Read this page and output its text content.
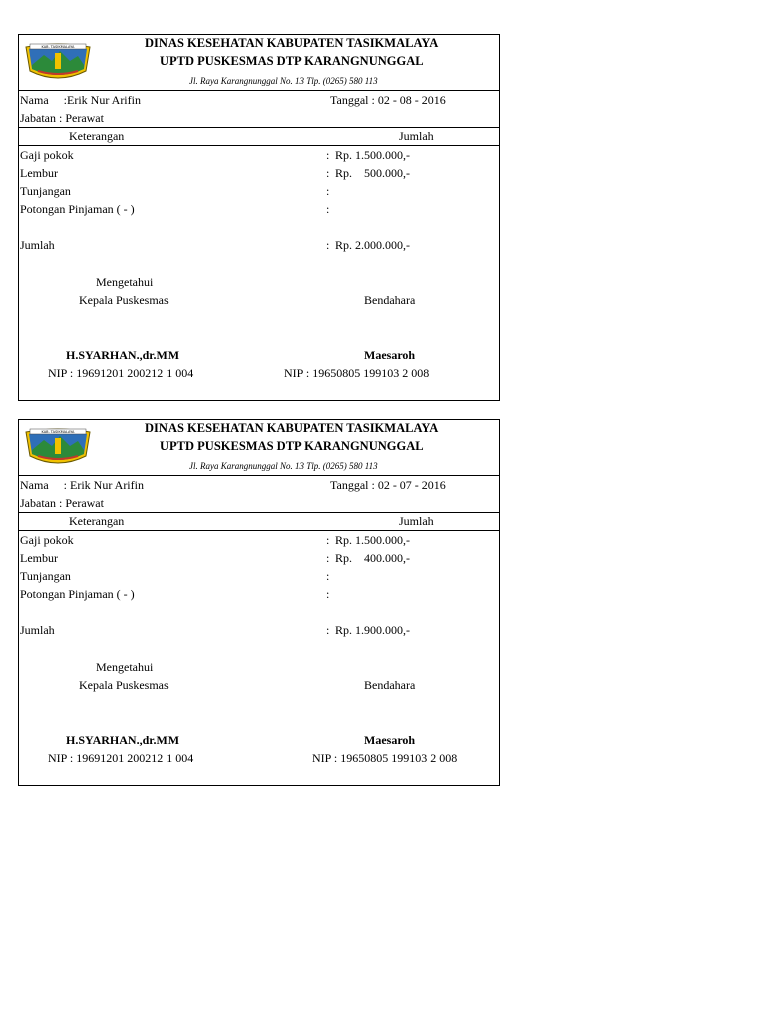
KAB. TASIKMALAYA	DINAS KESEHATAN KABUPATEN TASIKMALAYA
UPTD PUSKESMAS DTP KARANGNUNGGAL
Jl. Raya Karangnunggal No. 13 Tlp. (0265) 580 113
Nama     :Erik Nur Arifin	Tanggal : 02 - 08 - 2016
Jabatan : Perawat
Keterangan	Jumlah
Gaji pokok	: Rp. 1.500.000,-
Lembur	: Rp.    500.000,-
Tunjangan	:
Potongan Pinjaman ( - )	:
Jumlah	: Rp. 2.000.000,-
Mengetahui
Kepala Puskesmas	Bendahara
H.SYARHAN.,dr.MM	Maesaroh
NIP : 19691201 200212 1 004	NIP : 19650805 199103 2 008
KAB. TASIKMALAYA	DINAS KESEHATAN KABUPATEN TASIKMALAYA
UPTD PUSKESMAS DTP KARANGNUNGGAL
Jl. Raya Karangnunggal No. 13 Tlp. (0265) 580 113
Nama     : Erik Nur Arifin	Tanggal : 02 - 07 - 2016
Jabatan : Perawat
Keterangan	Jumlah
Gaji pokok	: Rp. 1.500.000,-
Lembur	: Rp.    400.000,-
Tunjangan	:
Potongan Pinjaman ( - )	:
Jumlah	: Rp. 1.900.000,-
Mengetahui
Kepala Puskesmas	Bendahara
H.SYARHAN.,dr.MM	Maesaroh
NIP : 19691201 200212 1 004	NIP : 19650805 199103 2 008
